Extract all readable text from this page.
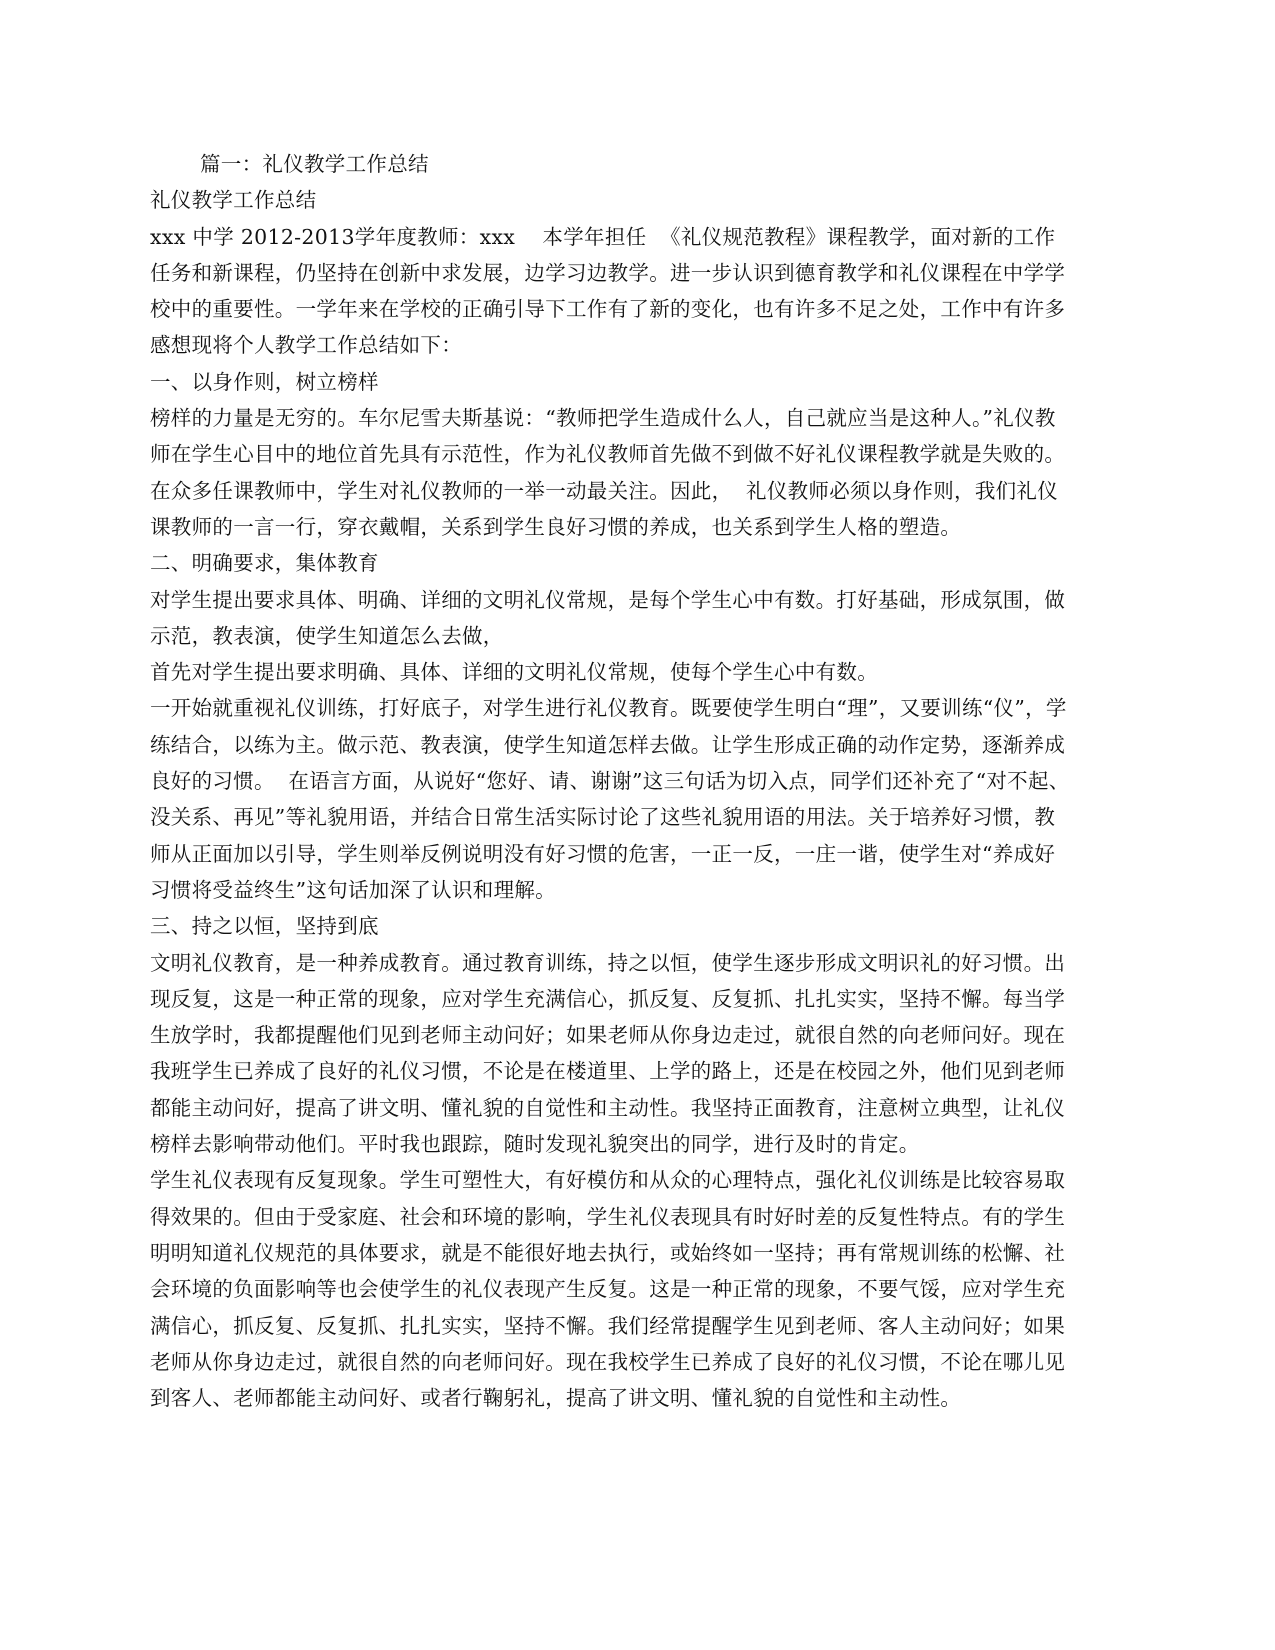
篇一：礼仪教学工作总结
礼仪教学工作总结
xxx 中学 2012-2013学年度教师：xxx    本学年担任  《礼仪规范教程》课程教学，面对新的工作
任务和新课程，仍坚持在创新中求发展，边学习边教学。进一步认识到德育教学和礼仪课程在中学学
校中的重要性。一学年来在学校的正确引导下工作有了新的变化，也有许多不足之处，工作中有许多
感想现将个人教学工作总结如下：
一、以身作则，树立榜样
榜样的力量是无穷的。车尔尼雪夫斯基说：“教师把学生造成什么人，自己就应当是这种人。”礼仪教
师在学生心目中的地位首先具有示范性，作为礼仪教师首先做不到做不好礼仪课程教学就是失败的。
在众多任课教师中，学生对礼仪教师的一举一动最关注。因此，  礼仪教师必须以身作则，我们礼仪
课教师的一言一行，穿衣戴帽，关系到学生良好习惯的养成，也关系到学生人格的塑造。
二、明确要求，集体教育
对学生提出要求具体、明确、详细的文明礼仪常规，是每个学生心中有数。打好基础，形成氛围，做
示范，教表演，使学生知道怎么去做，
首先对学生提出要求明确、具体、详细的文明礼仪常规，使每个学生心中有数。
一开始就重视礼仪训练，打好底子，对学生进行礼仪教育。既要使学生明白“理”，又要训练“仪”，学
练结合，以练为主。做示范、教表演，使学生知道怎样去做。让学生形成正确的动作定势，逐渐养成
良好的习惯。  在语言方面，从说好“您好、请、谢谢”这三句话为切入点，同学们还补充了“对不起、
没关系、再见”等礼貌用语，并结合日常生活实际讨论了这些礼貌用语的用法。关于培养好习惯，教
师从正面加以引导，学生则举反例说明没有好习惯的危害，一正一反，一庄一谐，使学生对“养成好
习惯将受益终生”这句话加深了认识和理解。
三、持之以恒，坚持到底
文明礼仪教育，是一种养成教育。通过教育训练，持之以恒，使学生逐步形成文明识礼的好习惯。出
现反复，这是一种正常的现象，应对学生充满信心，抓反复、反复抓、扎扎实实，坚持不懈。每当学
生放学时，我都提醒他们见到老师主动问好；如果老师从你身边走过，就很自然的向老师问好。现在
我班学生已养成了良好的礼仪习惯，不论是在楼道里、上学的路上，还是在校园之外，他们见到老师
都能主动问好，提高了讲文明、懂礼貌的自觉性和主动性。我坚持正面教育，注意树立典型，让礼仪
榜样去影响带动他们。平时我也跟踪，随时发现礼貌突出的同学，进行及时的肯定。
学生礼仪表现有反复现象。学生可塑性大，有好模仿和从众的心理特点，强化礼仪训练是比较容易取
得效果的。但由于受家庭、社会和环境的影响，学生礼仪表现具有时好时差的反复性特点。有的学生
明明知道礼仪规范的具体要求，就是不能很好地去执行，或始终如一坚持；再有常规训练的松懈、社
会环境的负面影响等也会使学生的礼仪表现产生反复。这是一种正常的现象，不要气馁，应对学生充
满信心，抓反复、反复抓、扎扎实实，坚持不懈。我们经常提醒学生见到老师、客人主动问好；如果
老师从你身边走过，就很自然的向老师问好。现在我校学生已养成了良好的礼仪习惯，不论在哪儿见
到客人、老师都能主动问好、或者行鞠躬礼，提高了讲文明、懂礼貌的自觉性和主动性。
